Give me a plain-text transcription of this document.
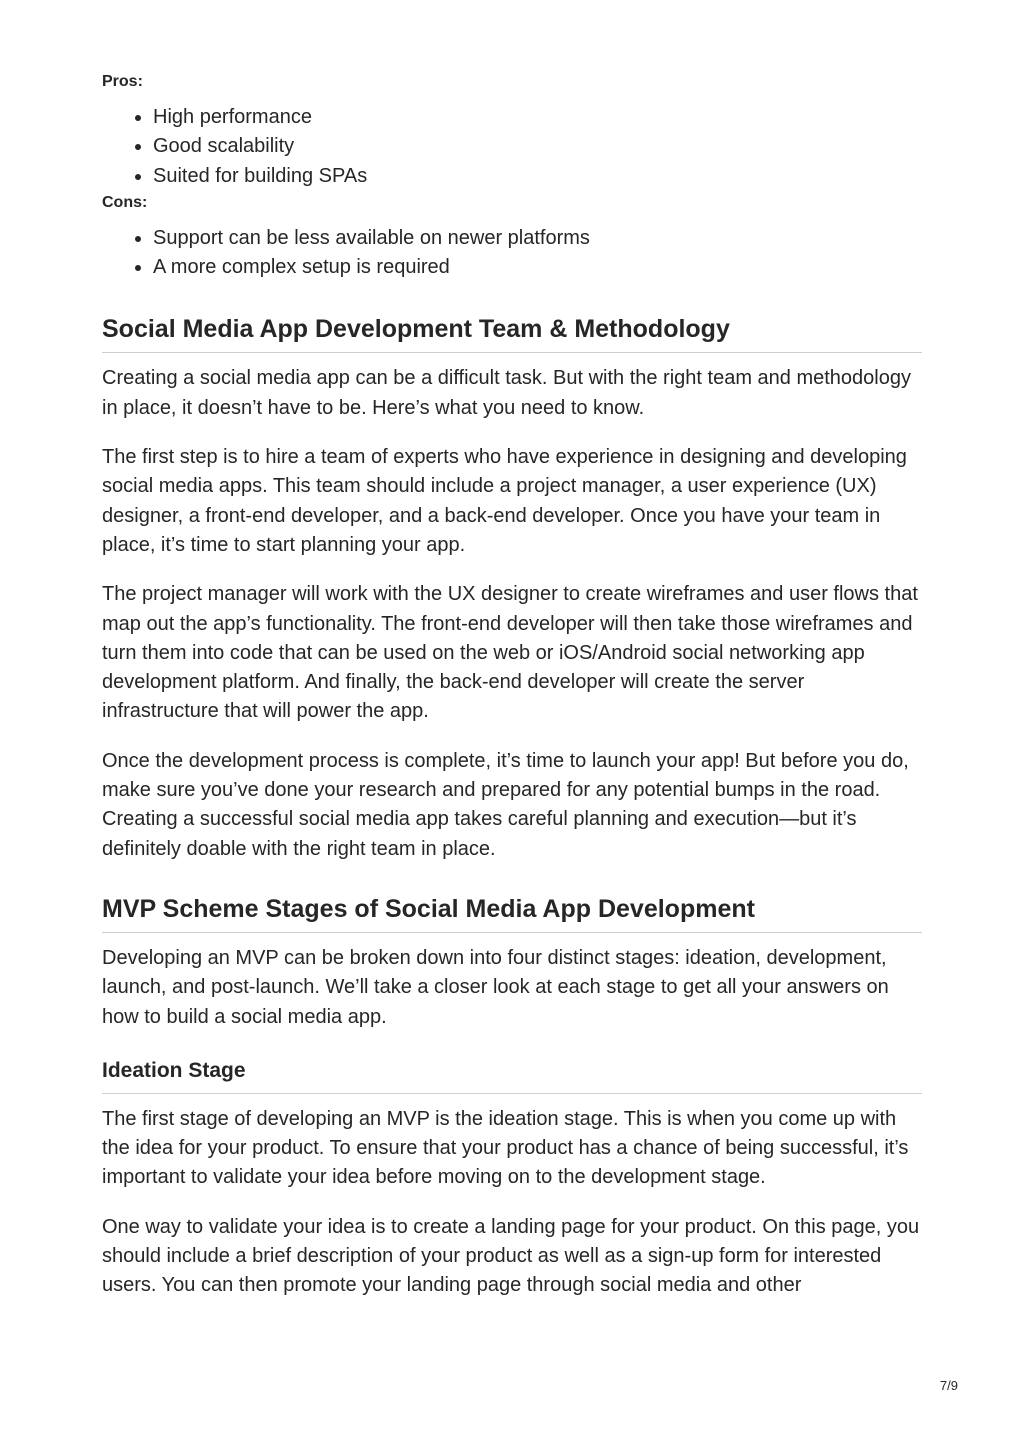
Pros:

• High performance
• Good scalability
• Suited for building SPAs

Cons:

• Support can be less available on newer platforms
• A more complex setup is required
Social Media App Development Team & Methodology

Creating a social media app can be a difficult task. But with the right team and methodology in place, it doesn’t have to be. Here’s what you need to know.

The first step is to hire a team of experts who have experience in designing and developing social media apps. This team should include a project manager, a user experience (UX) designer, a front-end developer, and a back-end developer. Once you have your team in place, it’s time to start planning your app.

The project manager will work with the UX designer to create wireframes and user flows that map out the app’s functionality. The front-end developer will then take those wireframes and turn them into code that can be used on the web or iOS/Android social networking app development platform. And finally, the back-end developer will create the server infrastructure that will power the app.

Once the development process is complete, it’s time to launch your app! But before you do, make sure you’ve done your research and prepared for any potential bumps in the road. Creating a successful social media app takes careful planning and execution—but it’s definitely doable with the right team in place.

MVP Scheme Stages of Social Media App Development

Developing an MVP can be broken down into four distinct stages: ideation, development, launch, and post-launch. We’ll take a closer look at each stage to get all your answers on how to build a social media app.

Ideation Stage

The first stage of developing an MVP is the ideation stage. This is when you come up with the idea for your product. To ensure that your product has a chance of being successful, it’s important to validate your idea before moving on to the development stage.

One way to validate your idea is to create a landing page for your product. On this page, you should include a brief description of your product as well as a sign-up form for interested users. You can then promote your landing page through social media and other

7/9
